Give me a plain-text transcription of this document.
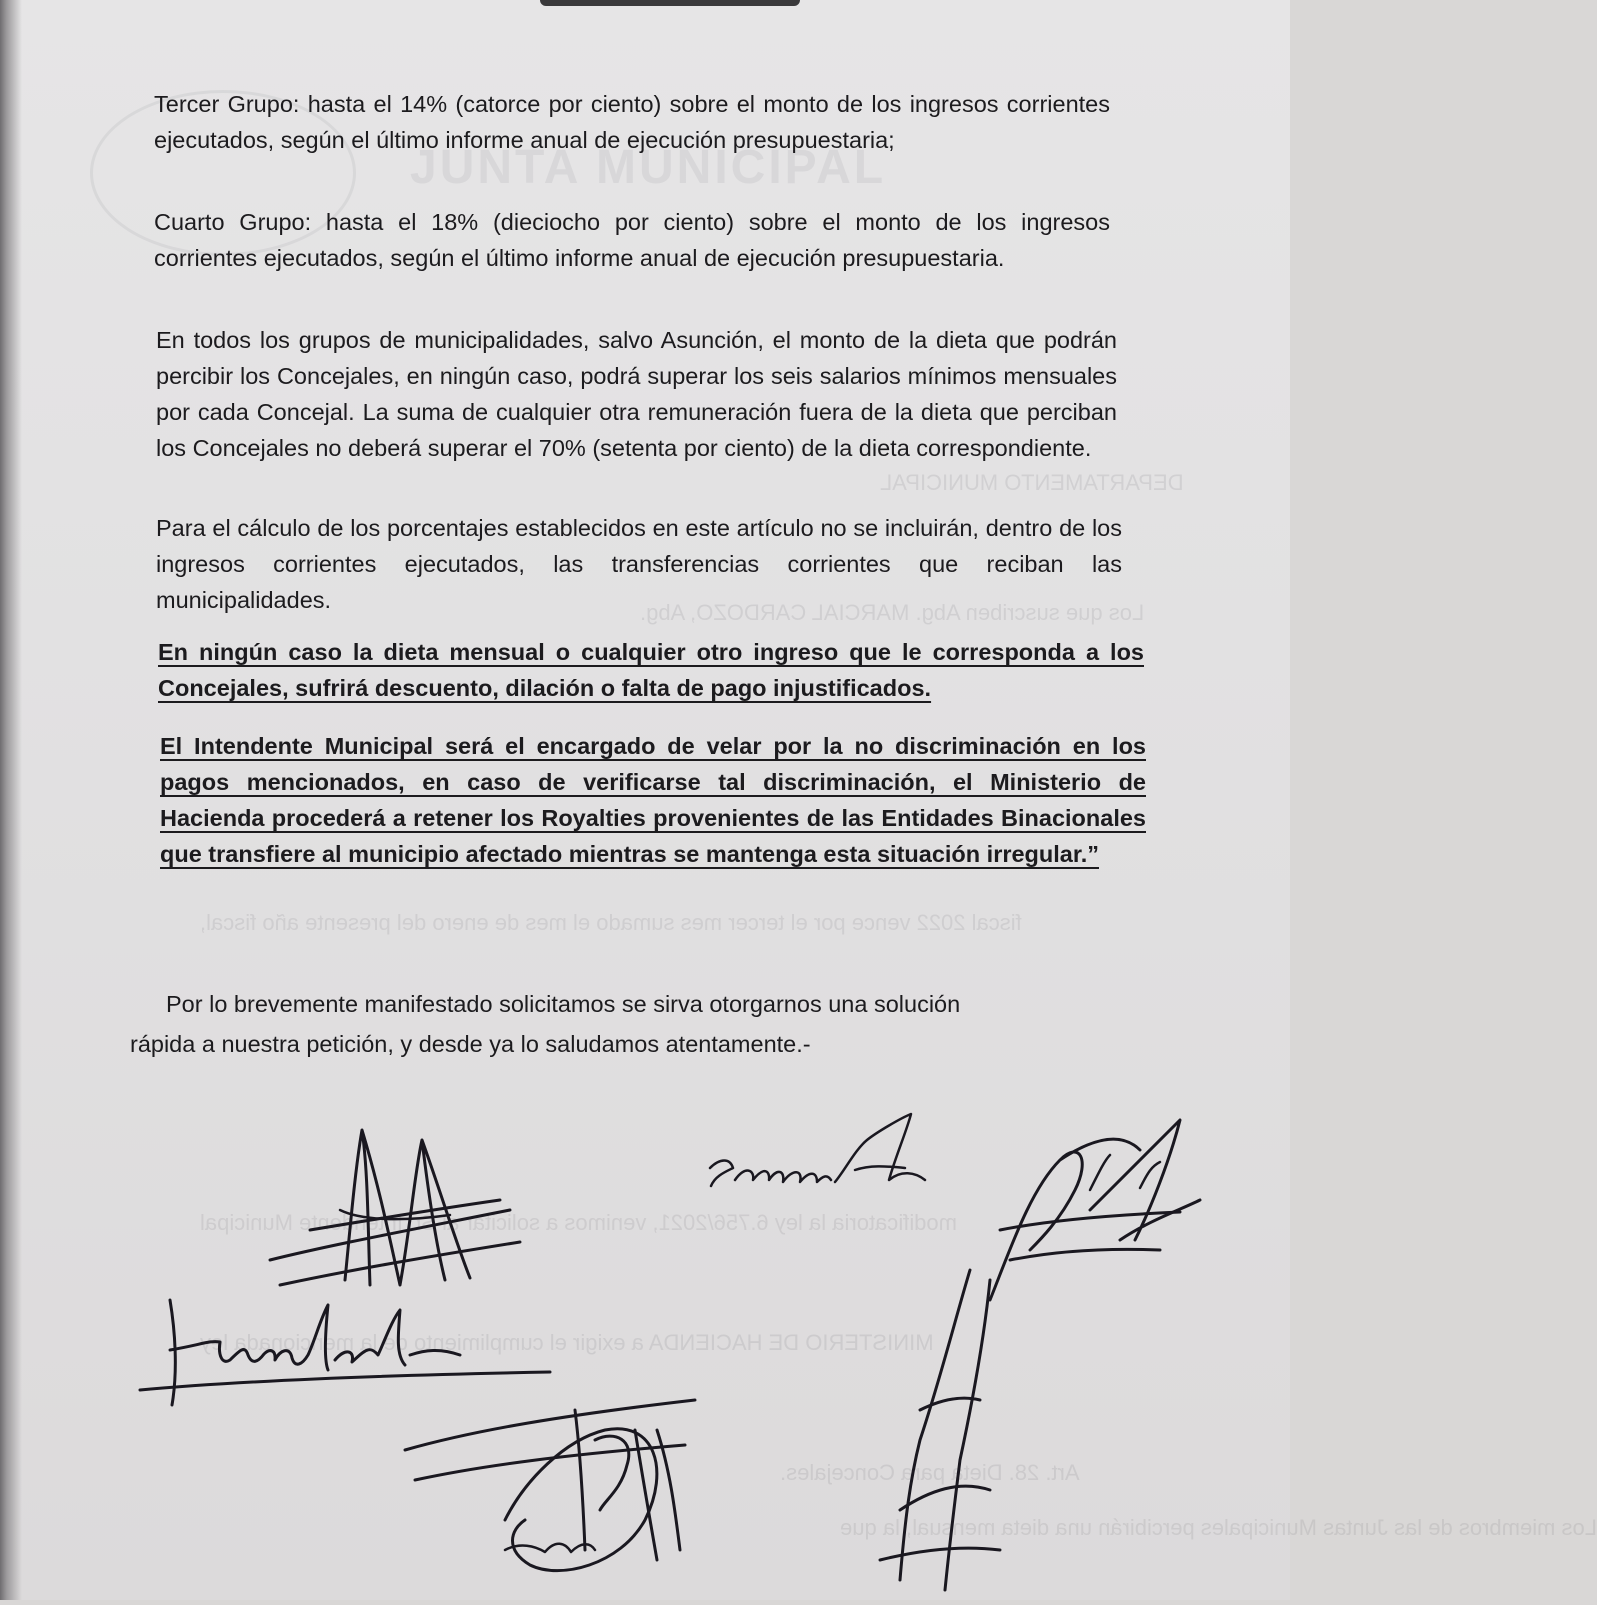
JUNTA MUNICIPAL
DEPARTAMENTO MUNICIPAL
Los que suscriben Abg. MARCIAL CARDOZO, Abg.
fiscal 2022 vence por el tercer mes sumado el mes de enero del presente año fiscal,
modificatoria la ley 6.756/2021, venimos a solicitar al Sr. Intendente Municipal
MINISTERIO DE HACIENDA a exigir el cumplimiento de la mencionada ley
Art. 28. Dieta para Concejales.
Los miembros de las Juntas Municipales percibirán una dieta mensual, la que

Tercer Grupo: hasta el 14% (catorce por ciento) sobre el monto de los ingresos corrientes ejecutados, según el último informe anual de ejecución presupuestaria;

Cuarto Grupo: hasta el 18% (dieciocho por ciento) sobre el monto de los ingresos corrientes ejecutados, según el último informe anual de ejecución presupuestaria.

En todos los grupos de municipalidades, salvo Asunción, el monto de la dieta que podrán percibir los Concejales, en ningún caso, podrá superar los seis salarios mínimos mensuales por cada Concejal. La suma de cualquier otra remuneración fuera de la dieta que perciban los Concejales no deberá superar el 70% (setenta por ciento) de la dieta correspondiente.

Para el cálculo de los porcentajes establecidos en este artículo no se incluirán, dentro de los ingresos corrientes ejecutados, las transferencias corrientes que reciban las municipalidades.

En ningún caso la dieta mensual o cualquier otro ingreso que le corresponda a los Concejales, sufrirá descuento, dilación o falta de pago injustificados.

El Intendente Municipal será el encargado de velar por la no discriminación en los pagos mencionados, en caso de verificarse tal discriminación, el Ministerio de Hacienda procederá a retener los Royalties provenientes de las Entidades Binacionales que transfiere al municipio afectado mientras se mantenga esta situación irregular.”

Por lo brevemente manifestado solicitamos se sirva otorgarnos una solución

rápida a nuestra petición, y desde ya lo saludamos atentamente.-
